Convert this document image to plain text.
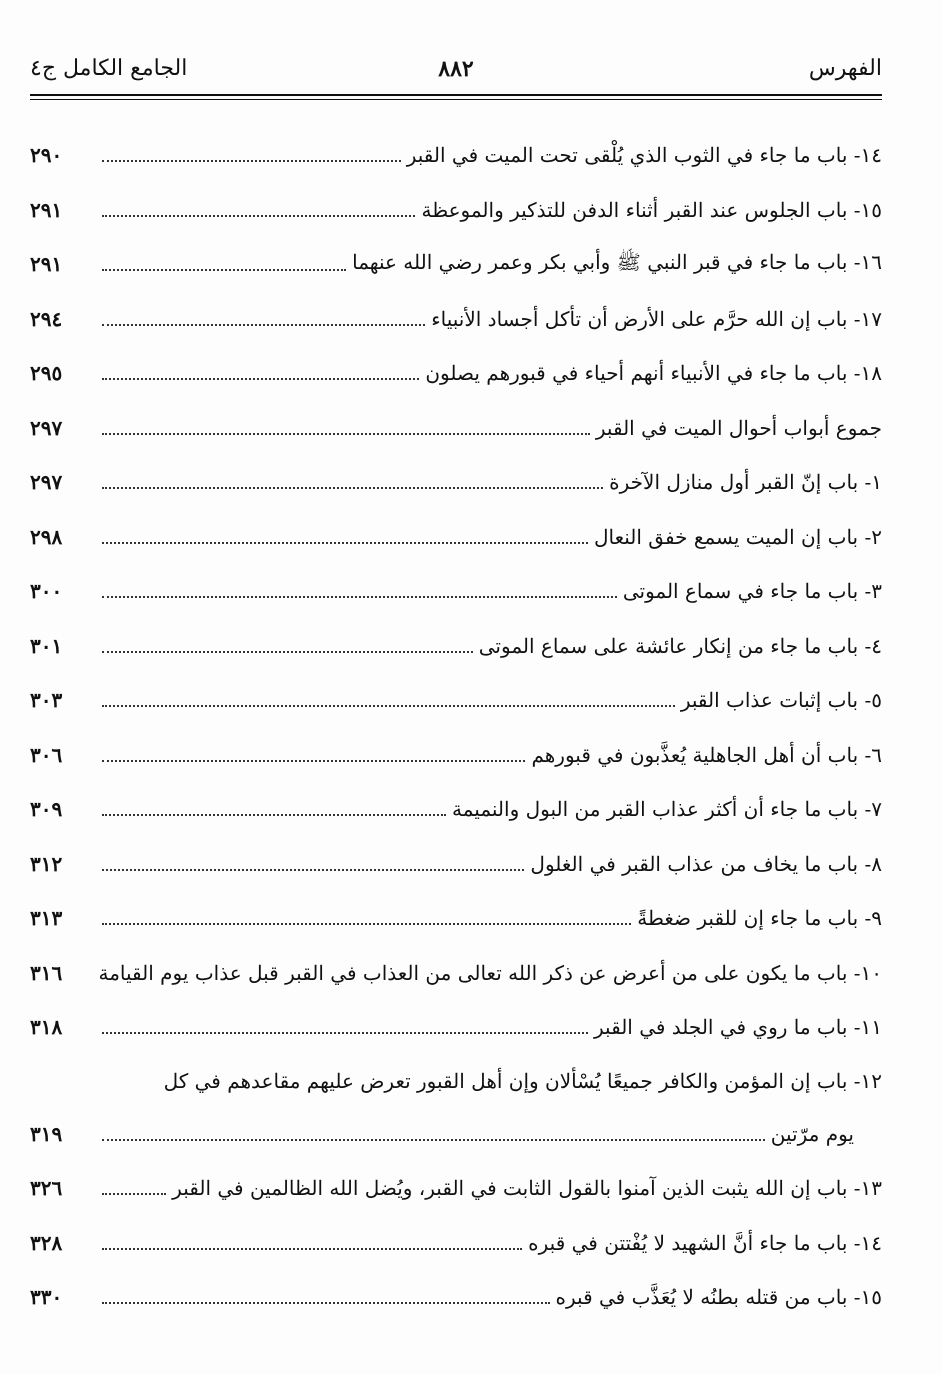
الجامع الكامل ج٤	٨٨٢	الفهرس
٢٩٠	١٤- باب ما جاء في الثوب الذي يُلْقى تحت الميت في القبر
٢٩١	١٥- باب الجلوس عند القبر أثناء الدفن للتذكير والموعظة
٢٩١	١٦- باب ما جاء في قبر النبي ﷺ وأبي بكر وعمر رضي الله عنهما
٢٩٤	١٧- باب إن الله حرَّم على الأرض أن تأكل أجساد الأنبياء
٢٩٥	١٨- باب ما جاء في الأنبياء أنهم أحياء في قبورهم يصلون
٢٩٧	جموع أبواب أحوال الميت في القبر
٢٩٧	١- باب إنّ القبر أول منازل الآخرة
٢٩٨	٢- باب إن الميت يسمع خفق النعال
٣٠٠	٣- باب ما جاء في سماع الموتى
٣٠١	٤- باب ما جاء من إنكار عائشة على سماع الموتى
٣٠٣	٥- باب إثبات عذاب القبر
٣٠٦	٦- باب أن أهل الجاهلية يُعذَّبون في قبورهم
٣٠٩	٧- باب ما جاء أن أكثر عذاب القبر من البول والنميمة
٣١٢	٨- باب ما يخاف من عذاب القبر في الغلول
٣١٣	٩- باب ما جاء إن للقبر ضغطةً
٣١٦	١٠- باب ما يكون على من أعرض عن ذكر الله تعالى من العذاب في القبر قبل عذاب يوم القيامة
٣١٨	١١- باب ما روي في الجلد في القبر
١٢- باب إن المؤمن والكافر جميعًا يُسْألان وإن أهل القبور تعرض عليهم مقاعدهم في كل
٣١٩	يوم مرّتين
٣٢٦	١٣- باب إن الله يثبت الذين آمنوا بالقول الثابت في القبر، ويُضل الله الظالمين في القبر
٣٢٨	١٤- باب ما جاء أنَّ الشهيد لا يُفْتتن في قبره
٣٣٠	١٥- باب من قتله بطنُه لا يُعَذَّب في قبره
